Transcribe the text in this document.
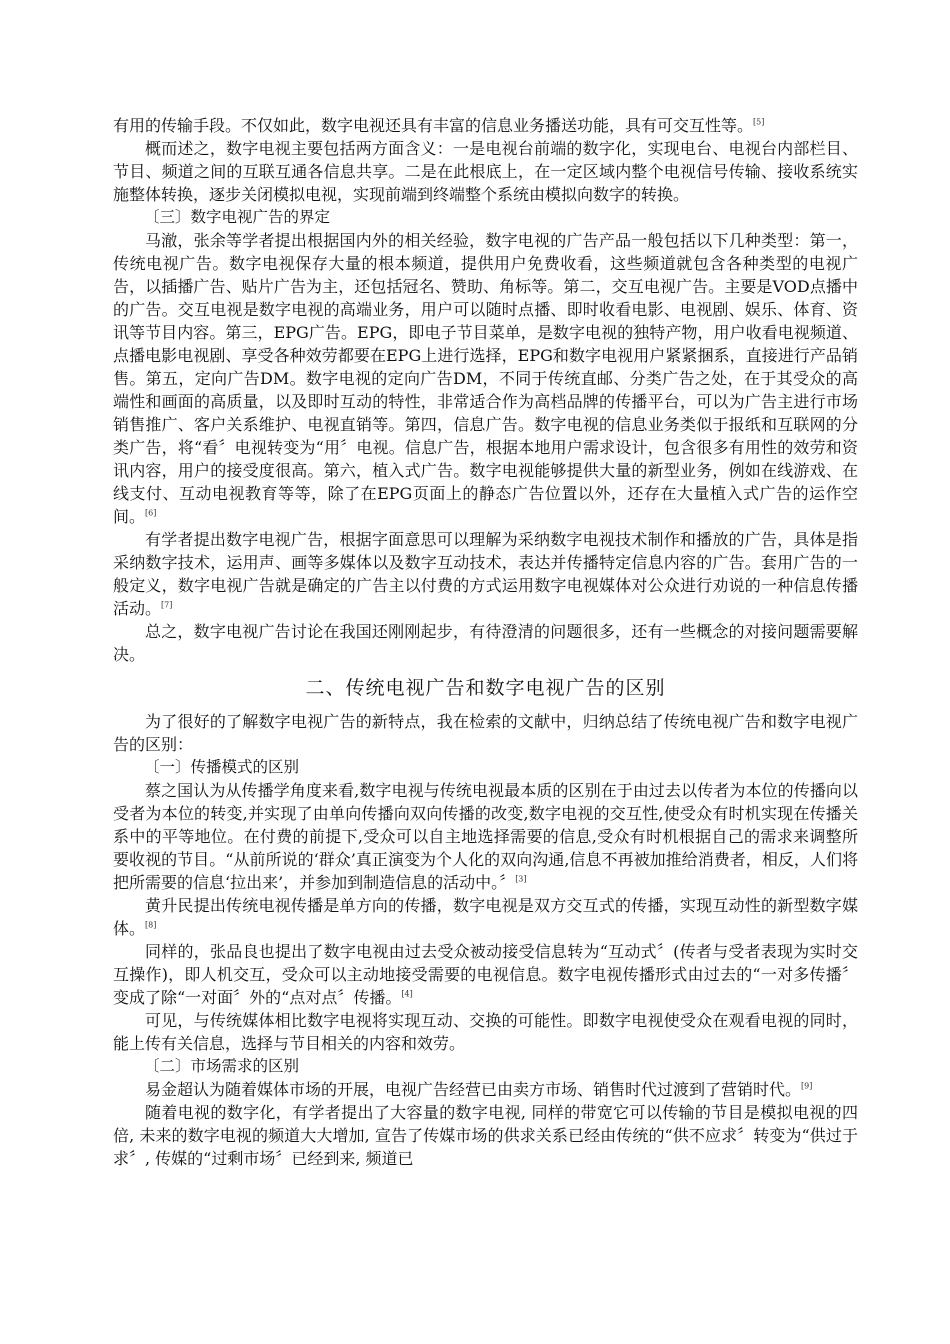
有用的传输手段。不仅如此，数字电视还具有丰富的信息业务播送功能，具有可交互性等。[5]

概而述之，数字电视主要包括两方面含义：一是电视台前端的数字化，实现电台、电视台内部栏目、节目、频道之间的互联互通各信息共享。二是在此根底上，在一定区域内整个电视信号传输、接收系统实施整体转换，逐步关闭模拟电视，实现前端到终端整个系统由模拟向数字的转换。

〔三〕数字电视广告的界定

马澈，张余等学者提出根据国内外的相关经验，数字电视的广告产品一般包括以下几种类型：第一，传统电视广告。数字电视保存大量的根本频道，提供用户免费收看，这些频道就包含各种类型的电视广告，以插播广告、贴片广告为主，还包括冠名、赞助、角标等。第二，交互电视广告。主要是VOD点播中的广告。交互电视是数字电视的高端业务，用户可以随时点播、即时收看电影、电视剧、娱乐、体育、资讯等节目内容。第三，EPG广告。EPG，即电子节目菜单，是数字电视的独特产物，用户收看电视频道、点播电影电视剧、享受各种效劳都要在EPG上进行选择，EPG和数字电视用户紧紧捆系，直接进行产品销售。第五，定向广告DM。数字电视的定向广告DM，不同于传统直邮、分类广告之处，在于其受众的高端性和画面的高质量，以及即时互动的特性，非常适合作为高档品牌的传播平台，可以为广告主进行市场销售推广、客户关系维护、电视直销等。第四，信息广告。数字电视的信息业务类似于报纸和互联网的分类广告，将“看〞电视转变为“用〞电视。信息广告，根据本地用户需求设计，包含很多有用性的效劳和资讯内容，用户的接受度很高。第六，植入式广告。数字电视能够提供大量的新型业务，例如在线游戏、在线支付、互动电视教育等等，除了在EPG页面上的静态广告位置以外，还存在大量植入式广告的运作空间。[6]

有学者提出数字电视广告，根据字面意思可以理解为采纳数字电视技术制作和播放的广告，具体是指采纳数字技术，运用声、画等多媒体以及数字互动技术，表达并传播特定信息内容的广告。套用广告的一般定义，数字电视广告就是确定的广告主以付费的方式运用数字电视媒体对公众进行劝说的一种信息传播活动。[7]

总之，数字电视广告讨论在我国还刚刚起步，有待澄清的问题很多，还有一些概念的对接问题需要解决。

二、传统电视广告和数字电视广告的区别

为了很好的了解数字电视广告的新特点，我在检索的文献中，归纳总结了传统电视广告和数字电视广告的区别：

〔一〕传播模式的区别

蔡之国认为从传播学角度来看,数字电视与传统电视最本质的区别在于由过去以传者为本位的传播向以受者为本位的转变,并实现了由单向传播向双向传播的改变,数字电视的交互性,使受众有时机实现在传播关系中的平等地位。在付费的前提下,受众可以自主地选择需要的信息,受众有时机根据自己的需求来调整所要收视的节目。“从前所说的‘群众’真正演变为个人化的双向沟通,信息不再被加推给消费者，相反，人们将把所需要的信息‘拉出来’，并参加到制造信息的活动中。〞[3]

黄升民提出传统电视传播是单方向的传播，数字电视是双方交互式的传播，实现互动性的新型数字媒体。[8]

同样的，张品良也提出了数字电视由过去受众被动接受信息转为“互动式〞(传者与受者表现为实时交互操作)，即人机交互，受众可以主动地接受需要的电视信息。数字电视传播形式由过去的“一对多传播〞变成了除“一对面〞外的“点对点〞传播。[4]

可见，与传统媒体相比数字电视将实现互动、交换的可能性。即数字电视使受众在观看电视的同时，能上传有关信息，选择与节目相关的内容和效劳。

〔二〕市场需求的区别

易金超认为随着媒体市场的开展，电视广告经营已由卖方市场、销售时代过渡到了营销时代。[9]

随着电视的数字化，有学者提出了大容量的数字电视, 同样的带宽它可以传输的节目是模拟电视的四倍, 未来的数字电视的频道大大增加, 宣告了传媒市场的供求关系已经由传统的“供不应求〞转变为“供过于求〞, 传媒的“过剩市场〞已经到来, 频道已
